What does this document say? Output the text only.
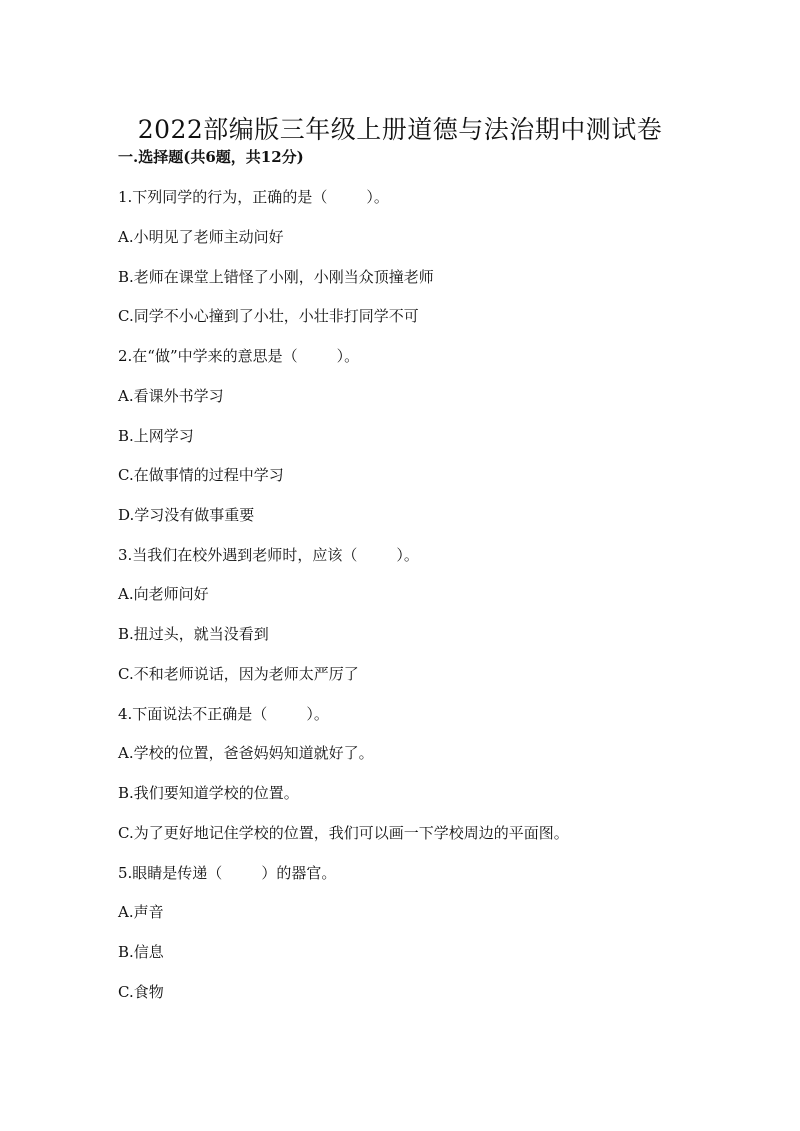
2022部编版三年级上册道德与法治期中测试卷
一.选择题(共6题，共12分)
1.下列同学的行为，正确的是（	）。
A.小明见了老师主动问好
B.老师在课堂上错怪了小刚，小刚当众顶撞老师
C.同学不小心撞到了小壮，小壮非打同学不可
2.在“做”中学来的意思是（	）。
A.看课外书学习
B.上网学习
C.在做事情的过程中学习
D.学习没有做事重要
3.当我们在校外遇到老师时，应该（	）。
A.向老师问好
B.扭过头，就当没看到
C.不和老师说话，因为老师太严厉了
4.下面说法不正确是（	）。
A.学校的位置，爸爸妈妈知道就好了。
B.我们要知道学校的位置。
C.为了更好地记住学校的位置，我们可以画一下学校周边的平面图。
5.眼睛是传递（	）的器官。
A.声音
B.信息
C.食物
